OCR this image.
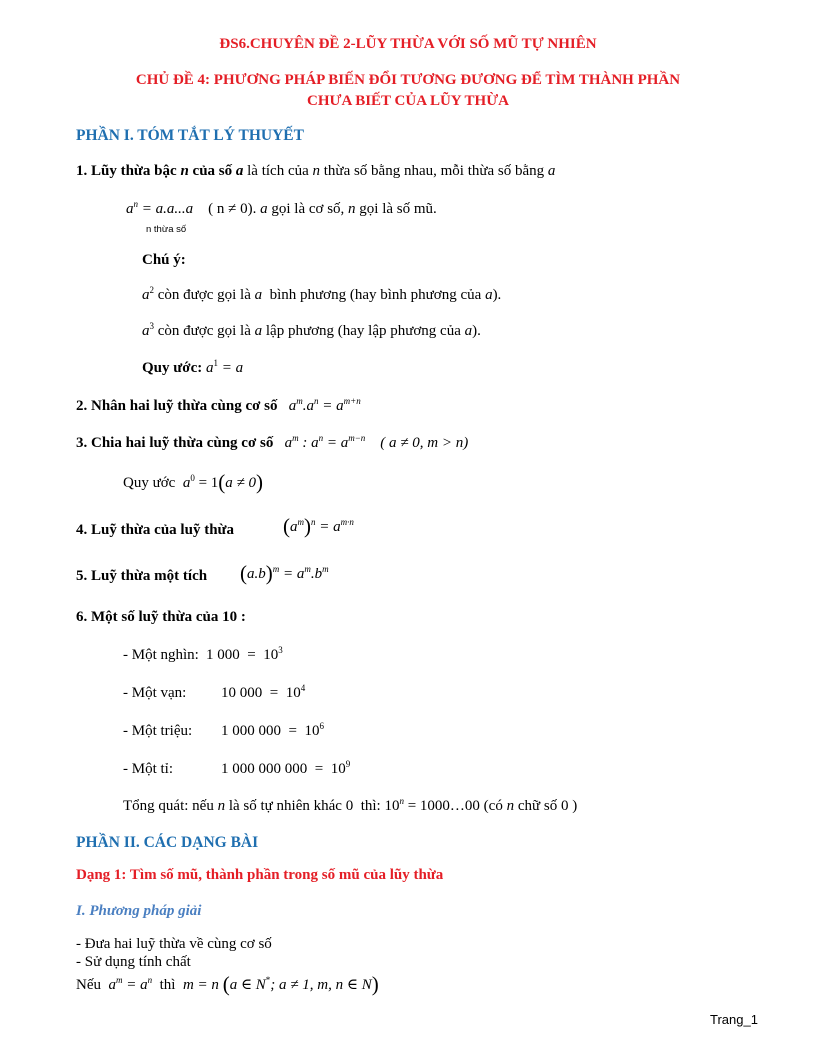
ĐS6.CHUYÊN ĐỀ 2-LŨY THỪA VỚI SỐ MŨ TỰ NHIÊN
CHỦ ĐỀ 4: PHƯƠNG PHÁP BIẾN ĐỔI TƯƠNG ĐƯƠNG ĐỂ TÌM THÀNH PHẦN
CHƯA BIẾT CỦA LŨY THỪA
PHẦN I. TÓM TẮT LÝ THUYẾT
1. Lũy thừa bậc n của số a là tích của n thừa số bằng nhau, mỗi thừa số bằng a
$a^n = a.a...a$ ( n ≠ 0). a gọi là cơ số, n gọi là số mũ.
n thừa số
Chú ý:
$a^2$ còn được gọi là a bình phương (hay bình phương của a).
$a^3$ còn được gọi là a lập phương (hay lập phương của a).
Quy ước: $a^1 = a$
2. Nhân hai luỹ thừa cùng cơ số $a^m.a^n = a^{m+n}$
3. Chia hai luỹ thừa cùng cơ số $a^m$ : $a^n = a^{m-n}$ ( a ≠ 0, m > n)
Quy ước $a^0 = 1(a \ne 0)$
4. Luỹ thừa của luỹ thừa $(a^m)^n = a^{m\cdot n}$
5. Luỹ thừa một tích $(a.b)^m = a^m.b^m$
6. Một số luỹ thừa của 10 :
- Một nghìn: 1 $000 = 10^3$
- Một vạn: 10 $000 = 10^4$
- Một triệu: 1 000 $000 = 10^6$
- Một tỉ:	1 000 000 $000 = 10^9$
Tổng quát: nếu n là số tự nhiên khác 0 thì: $10^n$ = 1000…00 (có n chữ số 0 )
PHẦN II. CÁC DẠNG BÀI
Dạng 1: Tìm số mũ, thành phần trong số mũ của lũy thừa
I. Phương pháp giải
- Đưa hai luỹ thừa về cùng cơ số
- Sử dụng tính chất
Nếu $a^m = a^n$ thì m = n (a ∈ N*; a ≠ 1, m, n ∈ N)
Trang_1
